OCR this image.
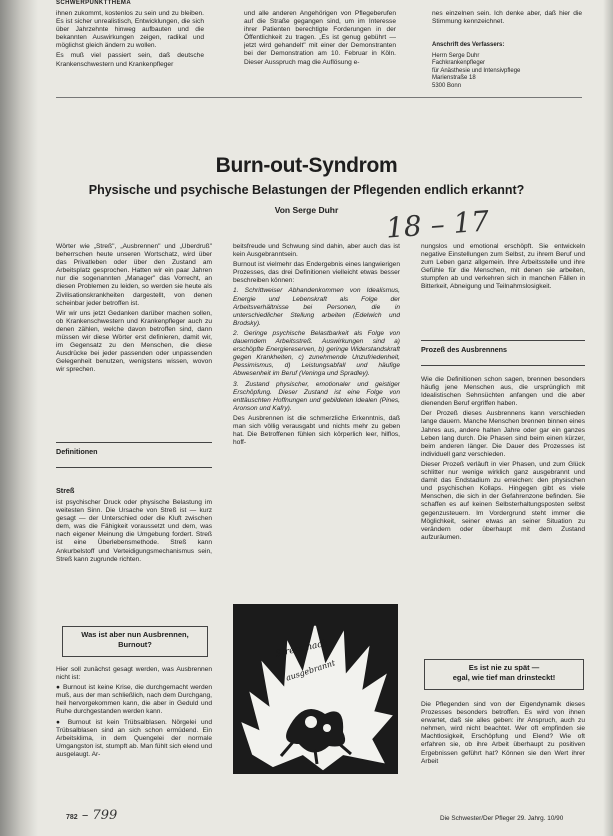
SCHWERPUNKTTHEMA

ihnen zukommt, kostenlos zu sein und zu bleiben. Es ist sicher unrealistisch, Entwicklungen, die sich über Jahrzehnte hinweg aufbauten und die bekannten Auswirkungen zeigen, radikal und möglichst gleich ändern zu wollen.

Es muß viel passiert sein, daß deutsche Krankenschwestern und Krankenpfleger

und alle anderen Angehörigen von Pflegeberufen auf die Straße gegangen sind, um im Interesse ihrer Patienten berechtigte Forderungen in der Öffentlichkeit zu tragen. „Es ist genug gebührt — jetzt wird gehandelt" mit einer der Demonstranten bei der Demonstration am 10. Februar in Köln. Dieser Ausspruch mag die Auflösung e-

nes einzelnen sein. Ich denke aber, daß hier die Stimmung kennzeichnet.

Anschrift des Verfassers:
Herrn Serge Duhr
Fachkrankenpfleger
für Anästhesie und Intensivpflege
Marienstraße 18
5300 Bonn
Burn-out-Syndrom
Physische und psychische Belastungen der Pflegenden endlich erkannt?
Von Serge Duhr	18 – 17

Wörter wie „Streß", „Ausbrennen" und „Überdruß" beherrschen heute unseren Wortschatz, wird über das Privatleben oder über den Zustand am Arbeitsplatz gesprochen. Hatten wir ein paar Jahren nur die sogenannten „Manager" das Vorrecht, an diesen Problemen zu leiden, so werden sie heute als Zivilisationskrankheiten dargestellt, von denen scheinbar jeder betroffen ist.

Wir wir uns jetzt Gedanken darüber machen sollen, ob Krankenschwestern und Krankenpfleger auch zu denen zählen, welche davon betroffen sind, dann müssen wir diese Wörter erst definieren, damit wir, im Gegensatz zu den Menschen, die diese Ausdrücke bei jeder passenden oder unpassenden Gelegenheit benutzen, wenigstens wissen, wovon wir sprechen.

Definitionen
Streß

ist psychischer Druck oder physische Belastung im weitesten Sinn. Die Ursache von Streß ist — kurz gesagt — der Unterschied oder die Kluft zwischen dem, was die Fähigkeit voraussetzt und dem, was nach eigener Meinung die Umgebung fordert. Streß ist eine Überlebensmethode. Streß kann Ankurbelstoff und Verteidigungsmechanismus sein, Streß kann zugrunde richten.

Was ist aber nun Ausbrennen,
Burnout?

Hier soll zunächst gesagt werden, was Ausbrennen nicht ist:

● Burnout ist keine Krise, die durchgemacht werden muß, aus der man schließlich, nach dem Durchgang, heil hervorgekommen kann, die aber in Geduld und Ruhe durchgestanden werden kann.

● Burnout ist kein Trübsalblasen. Nörgelei und Trübsalblasen sind an sich schon ermüdend. Ein Arbeitsklima, in dem Quengelei der normale Umgangston ist, stumpft ab. Man fühlt sich elend und ausgelaugt. Ar-

beitsfreude und Schwung sind dahin, aber auch das ist kein Ausgebranntsein.

Burnout ist vielmehr das Endergebnis eines langwierigen Prozesses, das drei Definitionen vielleicht etwas besser beschreiben können:

1. Schrittweiser Abhandenkommen von Idealismus, Energie und Lebenskraft als Folge der Arbeitsverhältnisse bei Personen, die in unterschiedlicher Stellung arbeiten (Edelwich und Brodsky).

2. Geringe psychische Belastbarkeit als Folge von dauerndem Arbeitsstreß. Auswirkungen sind a) erschöpfte Energiereserven, b) geringe Widerstandskraft gegen Krankheiten, c) zunehmende Unzufriedenheit, Pessimismus, d) Leistungsabfall und häufige Abwesenheit im Beruf (Veninga und Spradley).

3. Zustand physischer, emotionaler und geistiger Erschöpfung. Dieser Zustand ist eine Folge von enttäuschten Hoffnungen und gebildeten Idealen (Pines, Aronson und Kafry).

Des Ausbrennen ist die schmerzliche Erkenntnis, daß man sich völlig verausgabt und nichts mehr zu geben hat. Die Betroffenen fühlen sich körperlich leer, hilflos, hoff-

Stress nach
ausgebrannt

nungslos und emotional erschöpft. Sie entwickeln negative Einstellungen zum Selbst, zu ihrem Beruf und zum Leben ganz allgemein. Ihre Arbeitsstelle und ihre Gefühle für die Menschen, mit denen sie arbeiten, stumpfen ab und verkehren sich in manchen Fällen in Bitterkeit, Abneigung und Teilnahmslosigkeit.

Prozeß des Ausbrennens

Wie die Definitionen schon sagen, brennen besonders häufig jene Menschen aus, die ursprünglich mit Idealistischen Sehnsüchten anfangen und die aber dienenden Beruf ergriffen haben.

Der Prozeß dieses Ausbrennens kann verschieden lange dauern. Manche Menschen brennen binnen eines Jahres aus, andere halten Jahre oder gar ein ganzes Leben lang durch. Die Phasen sind beim einen kürzer, beim anderen länger. Die Dauer des Prozesses ist individuell ganz verschieden.

Dieser Prozeß verläuft in vier Phasen, und zum Glück schlitter nur wenige wirklich ganz ausgebrannt und damit das Endstadium zu erreichen: den physischen und psychischen Kollaps. Hingegen gibt es viele Menschen, die sich in der Gefahrenzone befinden. Sie schaffen es auf keinen Selbsterhaltungsposten selbst gegenzusteuern. Im Vordergrund steht immer die Möglichkeit, seiner etwas an seiner Situation zu verändern oder überhaupt mit dem Zustand aufzuräumen.

Es ist nie zu spät —
egal, wie tief man drinsteckt!

Die Pflegenden sind von der Eigendynamik dieses Prozesses besonders betroffen. Es wird von ihnen erwartet, daß sie alles geben: ihr Anspruch, auch zu nehmen, wird nicht beachtet. Wer oft empfinden sie Machtlosigkeit, Erschöpfung und Elend? Wie oft erfahren sie, ob ihre Arbeit überhaupt zu positiven Ergebnissen geführt hat? Können sie den Wert ihrer Arbeit

782 – 799	Die Schwester/Der Pfleger 29. Jahrg. 10/90
